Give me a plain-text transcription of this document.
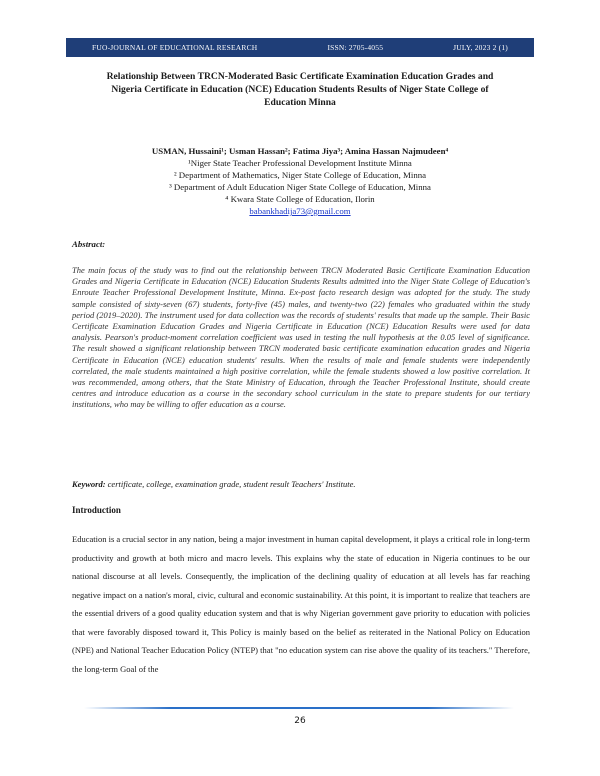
FUO-JOURNAL OF EDUCATIONAL RESEARCH	ISSN: 2705-4055	JULY, 2023 2 (1)
Relationship Between TRCN-Moderated Basic Certificate Examination Education Grades and Nigeria Certificate in Education (NCE) Education Students Results of Niger State College of Education Minna
USMAN, Hussaini¹; Usman Hassan²; Fatima Jiya³; Amina Hassan Najmudeen⁴
¹Niger State Teacher Professional Development Institute Minna
² Department of Mathematics, Niger State College of Education, Minna
³ Department of Adult Education Niger State College of Education, Minna
⁴ Kwara State College of Education, Ilorin
babankhadija73@gmail.com
Abstract:
The main focus of the study was to find out the relationship between TRCN Moderated Basic Certificate Examination Education Grades and Nigeria Certificate in Education (NCE) Education Students Results admitted into the Niger State College of Education's Enroute Teacher Professional Development Institute, Minna. Ex-post facto research design was adopted for the study. The study sample consisted of sixty-seven (67) students, forty-five (45) males, and twenty-two (22) females who graduated within the study period (2019–2020). The instrument used for data collection was the records of students' results that made up the sample. Their Basic Certificate Examination Education Grades and Nigeria Certificate in Education (NCE) Education Results were used for data analysis. Pearson's product-moment correlation coefficient was used in testing the null hypothesis at the 0.05 level of significance. The result showed a significant relationship between TRCN moderated basic certificate examination education grades and Nigeria Certificate in Education (NCE) education students' results. When the results of male and female students were independently correlated, the male students maintained a high positive correlation, while the female students showed a low positive correlation. It was recommended, among others, that the State Ministry of Education, through the Teacher Professional Institute, should create centres and introduce education as a course in the secondary school curriculum in the state to prepare students for our tertiary institutions, who may be willing to offer education as a course.
Keyword: certificate, college, examination grade, student result Teachers' Institute.
Introduction
Education is a crucial sector in any nation, being a major investment in human capital development, it plays a critical role in long-term productivity and growth at both micro and macro levels. This explains why the state of education in Nigeria continues to be our national discourse at all levels. Consequently, the implication of the declining quality of education at all levels has far reaching negative impact on a nation's moral, civic, cultural and economic sustainability. At this point, it is important to realize that teachers are the essential drivers of a good quality education system and that is why Nigerian government gave priority to education with policies that were favorably disposed toward it, This Policy is mainly based on the belief as reiterated in the National Policy on Education (NPE) and National Teacher Education Policy (NTEP) that "no education system can rise above the quality of its teachers." Therefore, the long-term Goal of the
26
